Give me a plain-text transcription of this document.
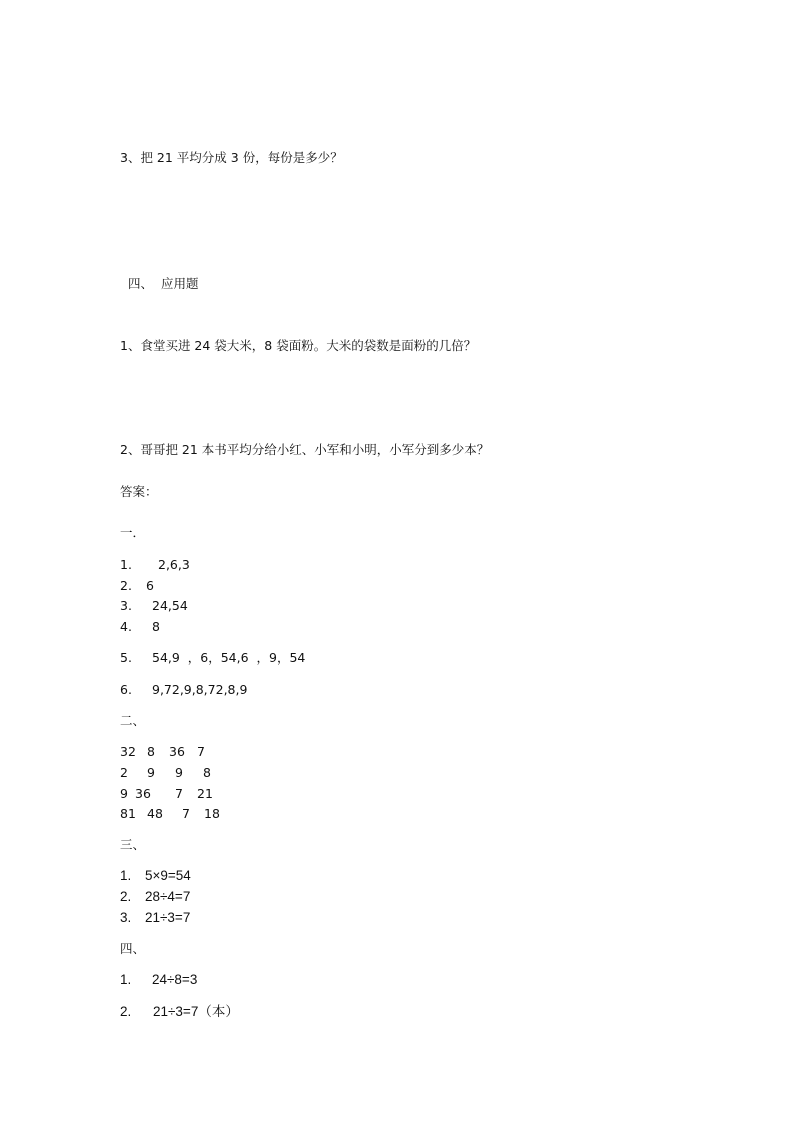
3、把 21 平均分成 3 份，每份是多少？
四、  应用题
1、食堂买进 24 袋大米，8 袋面粉。大米的袋数是面粉的几倍？
2、哥哥把 21 本书平均分给小红、小军和小明，小军分到多少本？
答案：
一．
1. 2,6,3
2. 6
3. 24,54
4. 8
5. 54,9  ，6，54,6  ，9，54
6. 9,72,9,8,72,8,9
二、

32

8

36

7

2

9

9

8

9

36

7

21

81

48

7

18

三、
1. 5×9=54
2. 28÷4=7
3. 21÷3=7
四、
1. 24÷8=3
2. 21÷3=7（本）
